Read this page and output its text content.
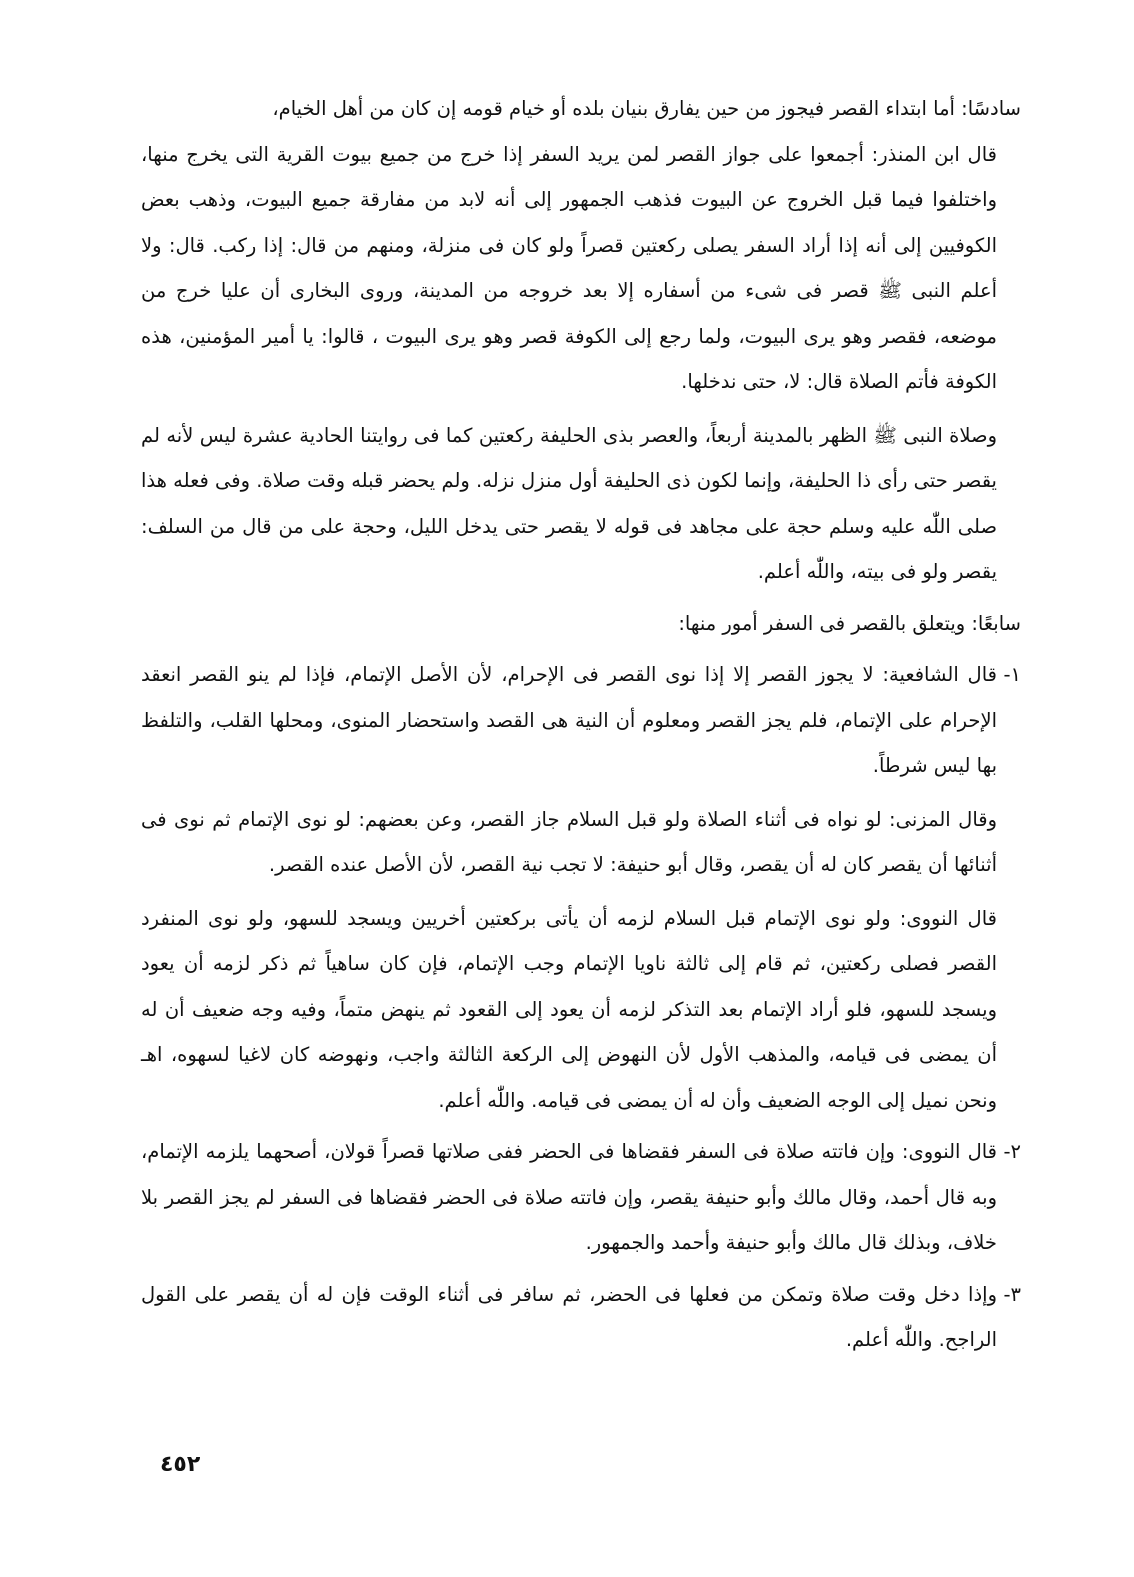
سادسًا: أما ابتداء القصر فيجوز من حين يفارق بنيان بلده أو خيام قومه إن كان من أهل الخيام،

قال ابن المنذر: أجمعوا على جواز القصر لمن يريد السفر إذا خرج من جميع بيوت القرية التى يخرج منها، واختلفوا فيما قبل الخروج عن البيوت فذهب الجمهور إلى أنه لابد من مفارقة جميع البيوت، وذهب بعض الكوفيين إلى أنه إذا أراد السفر يصلى ركعتين قصراً ولو كان فى منزلة، ومنهم من قال: إذا ركب. قال: ولا أعلم النبى ﷺ قصر فى شىء من أسفاره إلا بعد خروجه من المدينة، وروى البخارى أن عليا خرج من موضعه، فقصر وهو يرى البيوت، ولما رجع إلى الكوفة قصر وهو يرى البيوت ، قالوا: يا أمير المؤمنين، هذه الكوفة فأتم الصلاة قال: لا، حتى ندخلها.

وصلاة النبى ﷺ الظهر بالمدينة أربعاً، والعصر بذى الحليفة ركعتين كما فى روايتنا الحادية عشرة ليس لأنه لم يقصر حتى رأى ذا الحليفة، وإنما لكون ذى الحليفة أول منزل نزله. ولم يحضر قبله وقت صلاة. وفى فعله هذا صلى اللّٰه عليه وسلم حجة على مجاهد فى قوله لا يقصر حتى يدخل الليل، وحجة على من قال من السلف: يقصر ولو فى بيته، واللّٰه أعلم.

سابعًا: ويتعلق بالقصر فى السفر أمور منها:

١-

قال الشافعية: لا يجوز القصر إلا إذا نوى القصر فى الإحرام، لأن الأصل الإتمام، فإذا لم ينو القصر انعقد الإحرام على الإتمام، فلم يجز القصر ومعلوم أن النية هى القصد واستحضار المنوى، ومحلها القلب، والتلفظ بها ليس شرطاً.

وقال المزنى: لو نواه فى أثناء الصلاة ولو قبل السلام جاز القصر، وعن بعضهم: لو نوى الإتمام ثم نوى فى أثنائها أن يقصر كان له أن يقصر، وقال أبو حنيفة: لا تجب نية القصر، لأن الأصل عنده القصر.

قال النووى: ولو نوى الإتمام قبل السلام لزمه أن يأتى بركعتين أخريين ويسجد للسهو، ولو نوى المنفرد القصر فصلى ركعتين، ثم قام إلى ثالثة ناويا الإتمام وجب الإتمام، فإن كان ساهياً ثم ذكر لزمه أن يعود ويسجد للسهو، فلو أراد الإتمام بعد التذكر لزمه أن يعود إلى القعود ثم ينهض متماً، وفيه وجه ضعيف أن له أن يمضى فى قيامه، والمذهب الأول لأن النهوض إلى الركعة الثالثة واجب، ونهوضه كان لاغيا لسهوه، اهـ ونحن نميل إلى الوجه الضعيف وأن له أن يمضى فى قيامه. واللّٰه أعلم.

٢-

قال النووى: وإن فاتته صلاة فى السفر فقضاها فى الحضر ففى صلاتها قصراً قولان، أصحهما يلزمه الإتمام، وبه قال أحمد، وقال مالك وأبو حنيفة يقصر، وإن فاتته صلاة فى الحضر فقضاها فى السفر لم يجز القصر بلا خلاف، وبذلك قال مالك وأبو حنيفة وأحمد والجمهور.

٣-

وإذا دخل وقت صلاة وتمكن من فعلها فى الحضر، ثم سافر فى أثناء الوقت فإن له أن يقصر على القول الراجح. واللّٰه أعلم.

٤٥٢
